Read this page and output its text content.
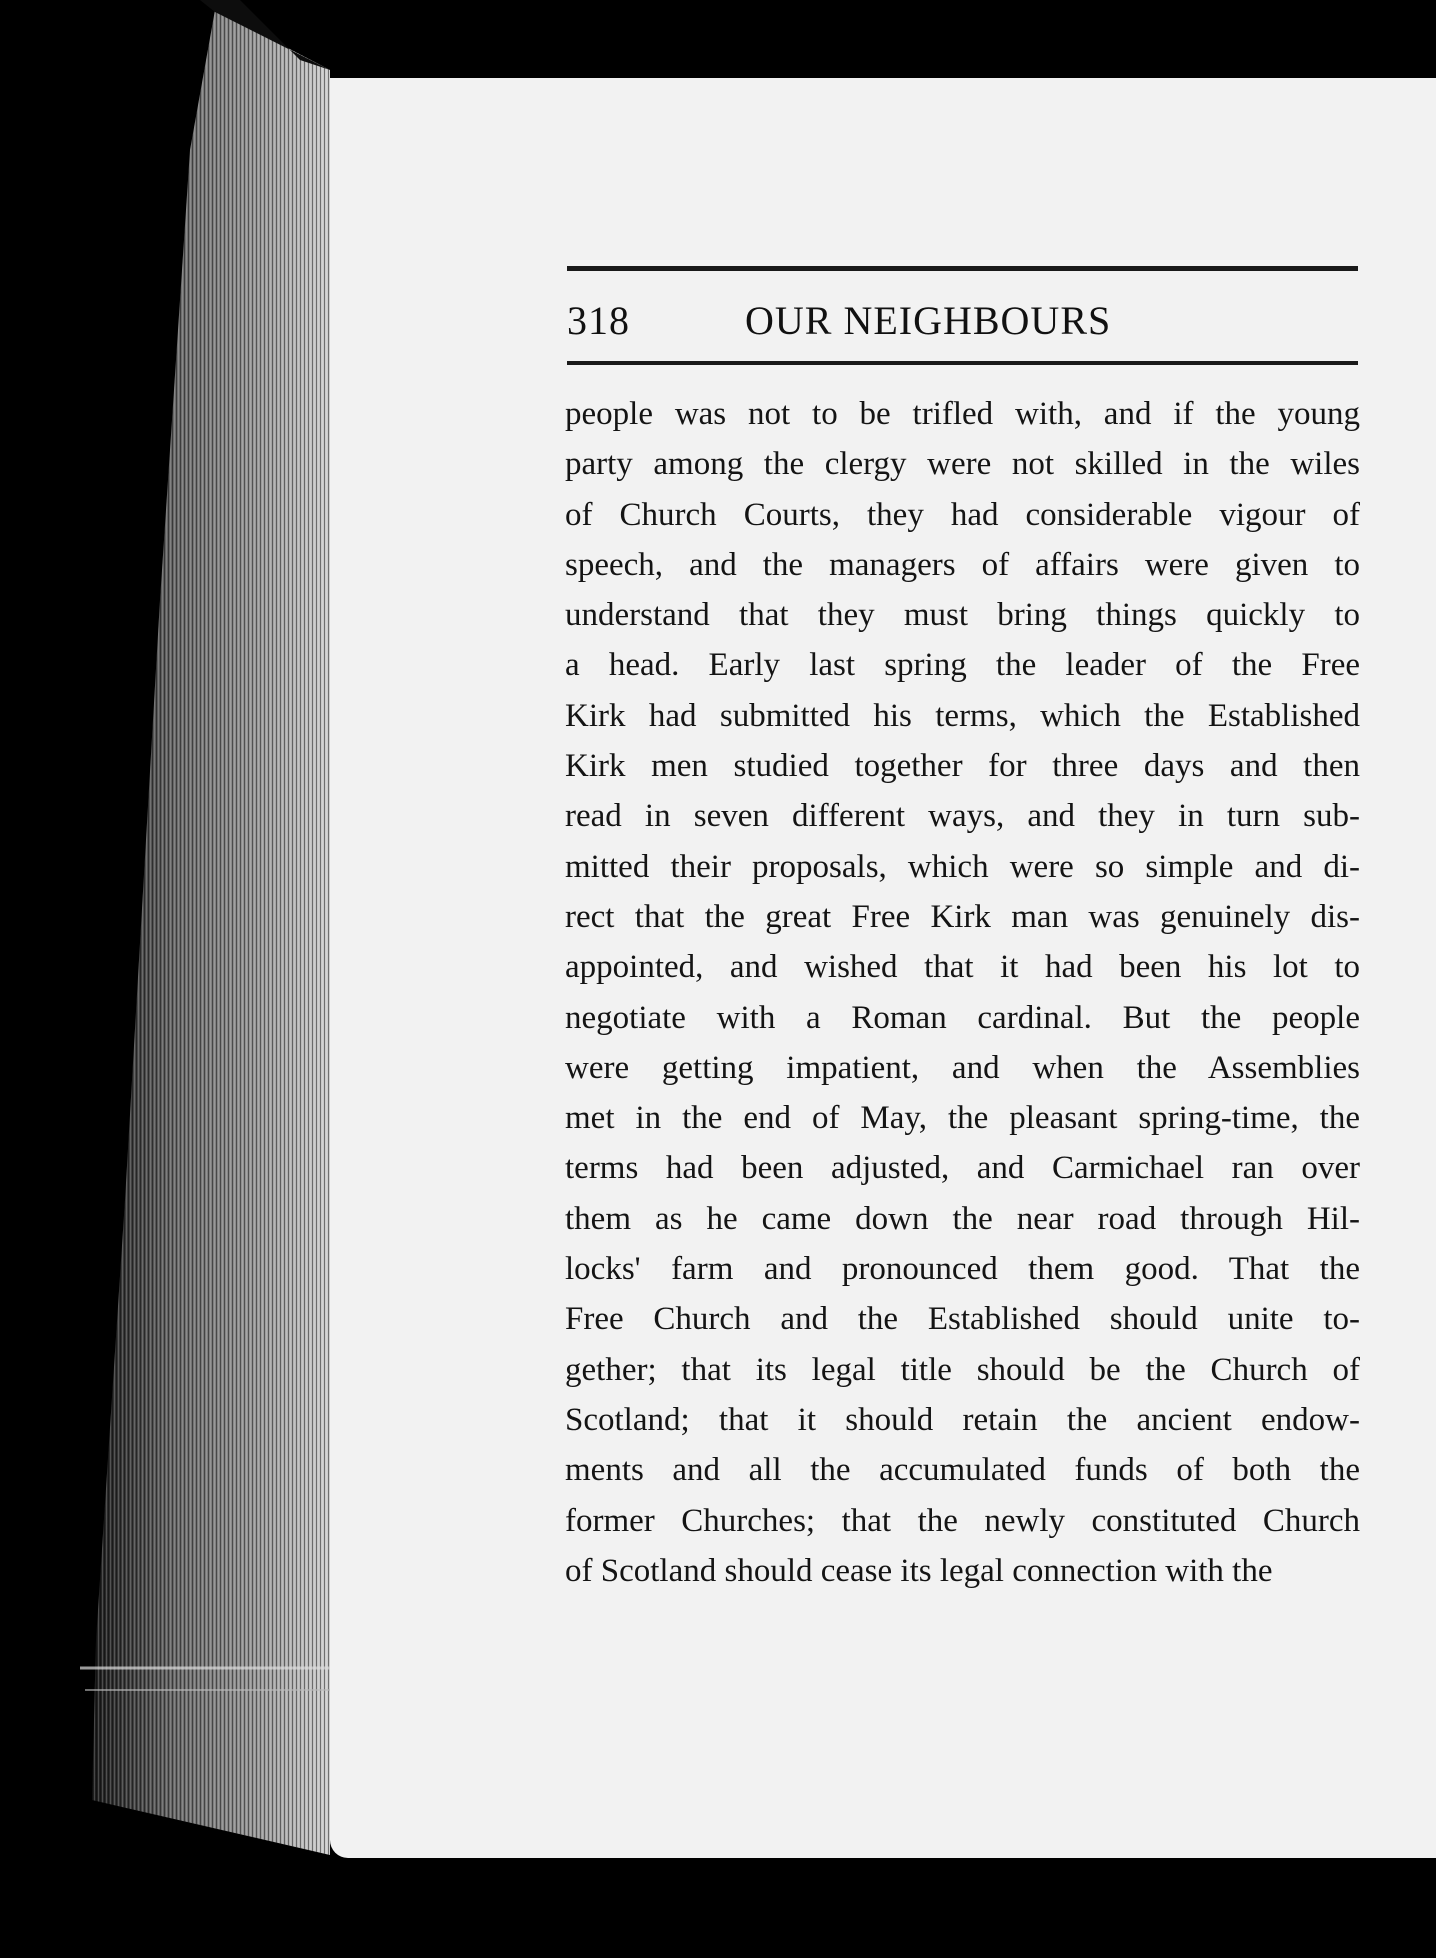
318	OUR NEIGHBOURS
people was not to be trifled with, and if the young
party among the clergy were not skilled in the wiles
of Church Courts, they had considerable vigour of
speech, and the managers of affairs were given to
understand that they must bring things quickly to
a head. Early last spring the leader of the Free
Kirk had submitted his terms, which the Established
Kirk men studied together for three days and then
read in seven different ways, and they in turn sub-
mitted their proposals, which were so simple and di-
rect that the great Free Kirk man was genuinely dis-
appointed, and wished that it had been his lot to
negotiate with a Roman cardinal. But the people
were getting impatient, and when the Assemblies
met in the end of May, the pleasant spring-time, the
terms had been adjusted, and Carmichael ran over
them as he came down the near road through Hil-
locks' farm and pronounced them good. That the
Free Church and the Established should unite to-
gether; that its legal title should be the Church of
Scotland; that it should retain the ancient endow-
ments and all the accumulated funds of both the
former Churches; that the newly constituted Church
of Scotland should cease its legal connection with the
